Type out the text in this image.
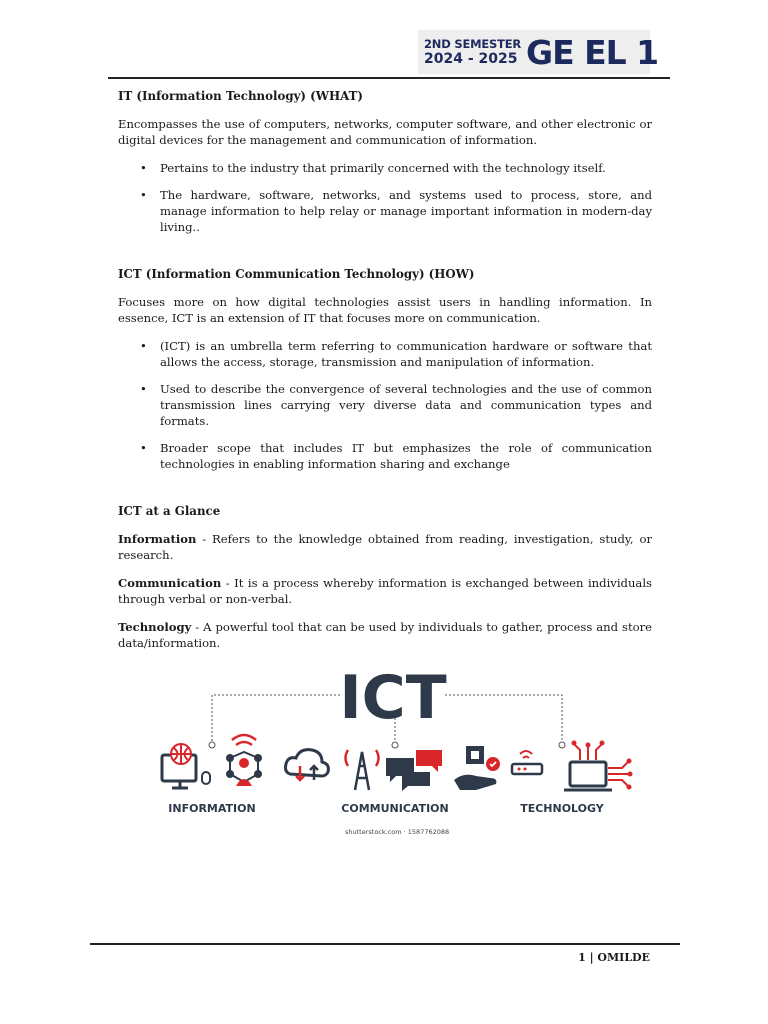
2ND SEMESTER
2024 - 2025 GE EL 1
IT (Information Technology) (WHAT)

Encompasses the use of computers, networks, computer software, and other electronic or digital devices for the management and communication of information.

• Pertains to the industry that primarily concerned with the technology itself.
• The hardware, software, networks, and systems used to process, store, and manage information to help relay or manage important information in modern-day living..
ICT (Information Communication Technology) (HOW)

Focuses more on how digital technologies assist users in handling information. In essence, ICT is an extension of IT that focuses more on communication.

• (ICT) is an umbrella term referring to communication hardware or software that allows the access, storage, transmission and manipulation of information.
• Used to describe the convergence of several technologies and the use of common transmission lines carrying very diverse data and communication types and formats.
• Broader scope that includes IT but emphasizes the role of communication technologies in enabling information sharing and exchange
ICT at a Glance

Information - Refers to the knowledge obtained from reading, investigation, study, or research.

Communication - It is a process whereby information is exchanged between individuals through verbal or non-verbal.

Technology - A powerful tool that can be used by individuals to gather, process and store data/information.

ICT
INFORMATION	COMMUNICATION	TECHNOLOGY
shutterstock.com · 1587762088
1 | OMILDE
